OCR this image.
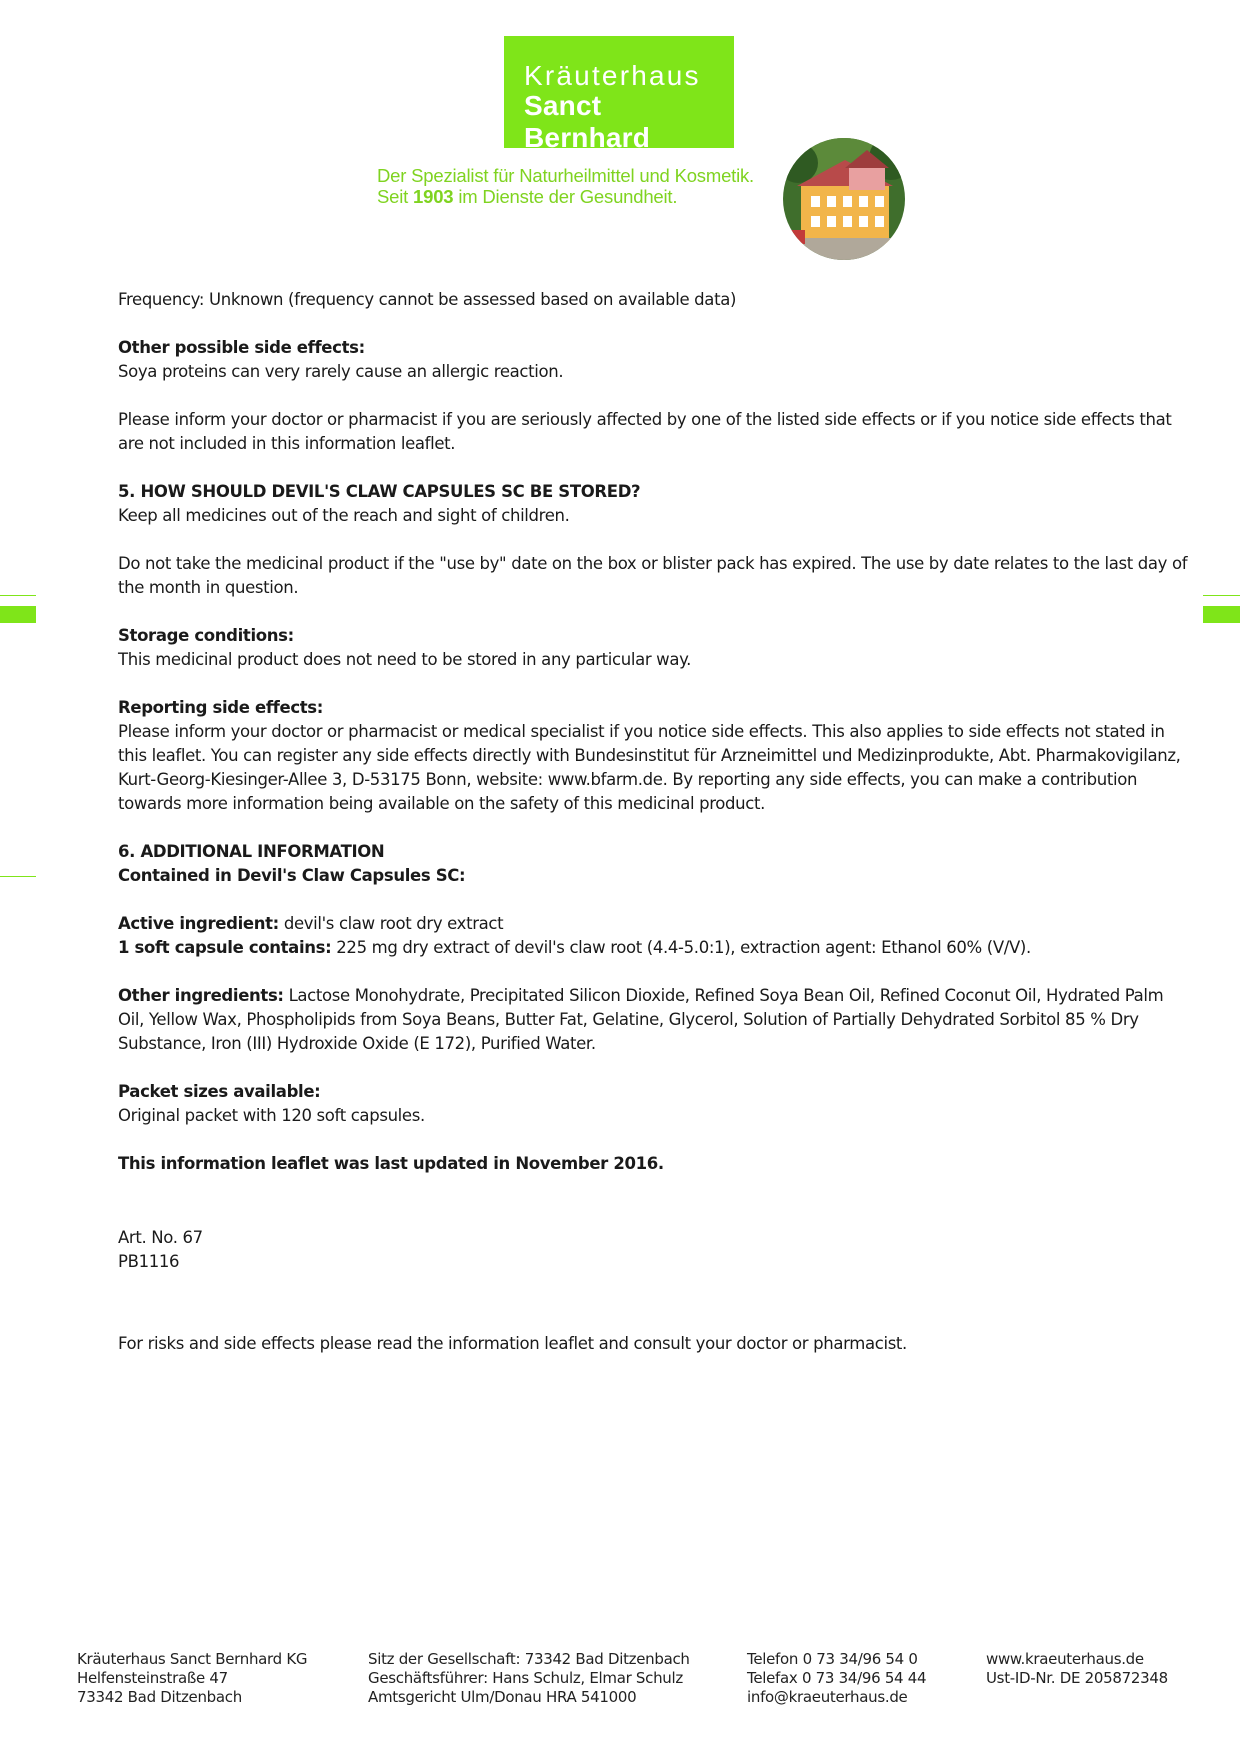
Kräuterhaus
Sanct Bernhard
Der Spezialist für Naturheilmittel und Kosmetik.
Seit 1903 im Dienste der Gesundheit.

Frequency: Unknown (frequency cannot be assessed based on available data)

Other possible side effects:
Soya proteins can very rarely cause an allergic reaction.

Please inform your doctor or pharmacist if you are seriously affected by one of the listed side effects or if you notice side effects that are not included in this information leaflet.

5. HOW SHOULD DEVIL'S CLAW CAPSULES SC BE STORED?
Keep all medicines out of the reach and sight of children.

Do not take the medicinal product if the "use by" date on the box or blister pack has expired. The use by date relates to the last day of the month in question.

Storage conditions:
This medicinal product does not need to be stored in any particular way.

Reporting side effects:
Please inform your doctor or pharmacist or medical specialist if you notice side effects. This also applies to side effects not stated in this leaflet. You can register any side effects directly with Bundesinstitut für Arzneimittel und Medizinprodukte, Abt. Pharmakovigilanz, Kurt-Georg-Kiesinger-Allee 3, D-53175 Bonn, website: www.bfarm.de. By reporting any side effects, you can make a contribution towards more information being available on the safety of this medicinal product.

6. ADDITIONAL INFORMATION
Contained in Devil's Claw Capsules SC:

Active ingredient: devil's claw root dry extract
1 soft capsule contains: 225 mg dry extract of devil's claw root (4.4-5.0:1), extraction agent: Ethanol 60% (V/V).

Other ingredients: Lactose Monohydrate, Precipitated Silicon Dioxide, Refined Soya Bean Oil, Refined Coconut Oil, Hydrated Palm Oil, Yellow Wax, Phospholipids from Soya Beans, Butter Fat, Gelatine, Glycerol, Solution of Partially Dehydrated Sorbitol 85 % Dry Substance, Iron (III) Hydroxide Oxide (E 172), Purified Water.

Packet sizes available:
Original packet with 120 soft capsules.

This information leaflet was last updated in November 2016.

Art. No. 67
PB1116

For risks and side effects please read the information leaflet and consult your doctor or pharmacist.

Kräuterhaus Sanct Bernhard KG
Helfensteinstraße 47
73342 Bad Ditzenbach
Sitz der Gesellschaft: 73342 Bad Ditzenbach
Geschäftsführer: Hans Schulz, Elmar Schulz
Amtsgericht Ulm/Donau HRA 541000
Telefon 0 73 34/96 54 0
Telefax 0 73 34/96 54 44
info@kraeuterhaus.de
www.kraeuterhaus.de
Ust-ID-Nr. DE 205872348
